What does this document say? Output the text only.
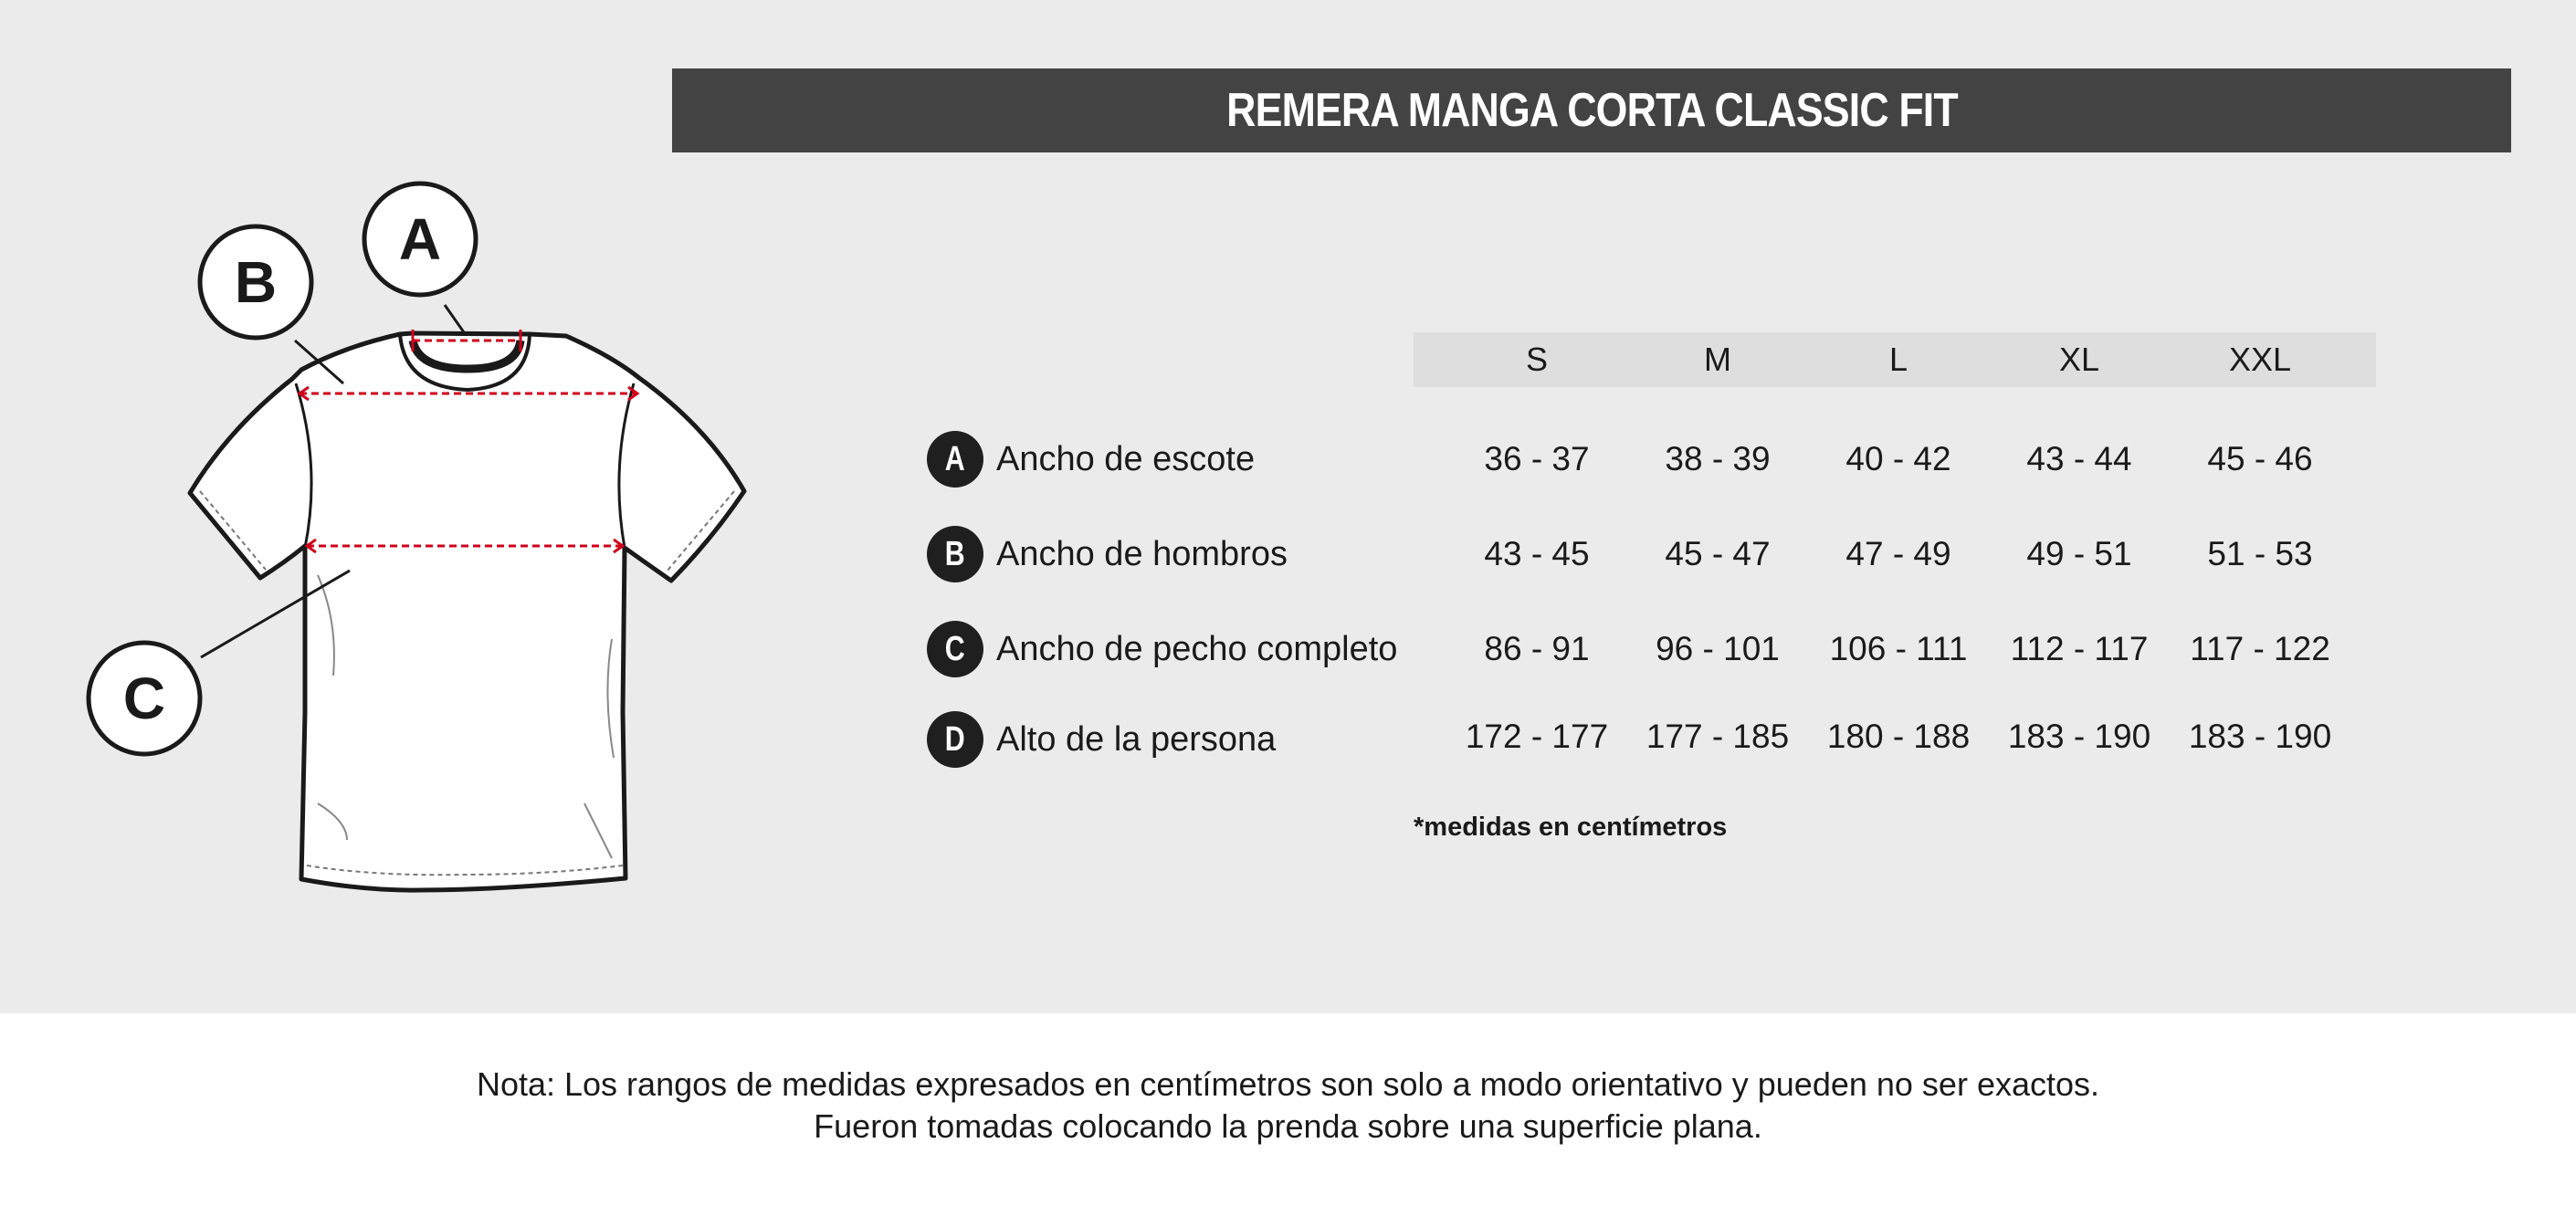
REMERA MANGA CORTA CLASSIC FIT
A
B
C
S	M	L	XL	XXL
A Ancho de escote	36 - 37	38 - 39	40 - 42	43 - 44	45 - 46
B Ancho de hombros	43 - 45	45 - 47	47 - 49	49 - 51	51 - 53
C Ancho de pecho completo	86 - 91	96 - 101	106 - 111	112 - 117	117 - 122
D Alto de la persona	172 - 177	177 - 185	180 - 188	183 - 190	183 - 190
*medidas en centímetros
Nota: Los rangos de medidas expresados en centímetros son solo a modo orientativo y pueden no ser exactos.
Fueron tomadas colocando la prenda sobre una superficie plana.
